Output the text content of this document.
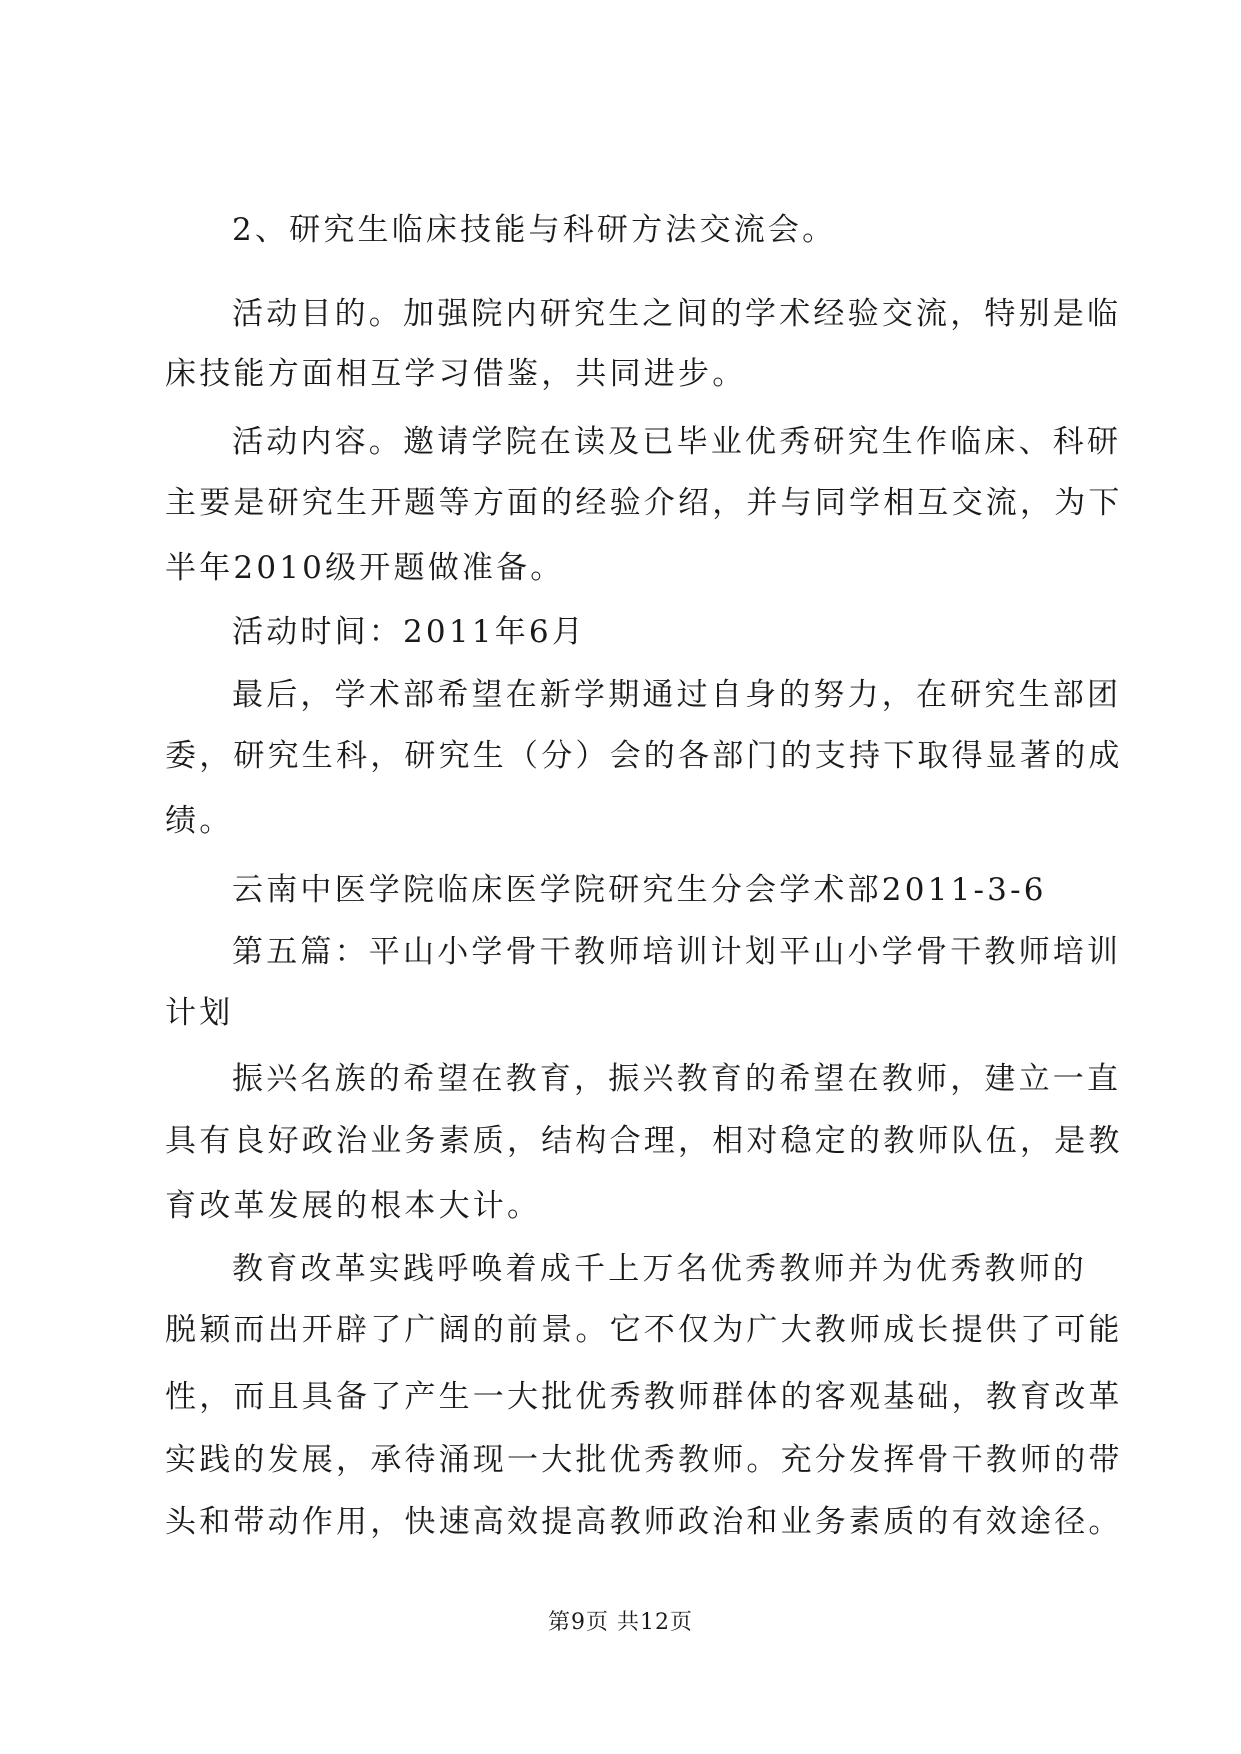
2、研究生临床技能与科研方法交流会。
活动目的。加强院内研究生之间的学术经验交流，特别是临
床技能方面相互学习借鉴，共同进步。
活动内容。邀请学院在读及已毕业优秀研究生作临床、科研
主要是研究生开题等方面的经验介绍，并与同学相互交流，为下
半年2010级开题做准备。
活动时间：2011年6月
最后，学术部希望在新学期通过自身的努力，在研究生部团
委，研究生科，研究生（分）会的各部门的支持下取得显著的成
绩。
云南中医学院临床医学院研究生分会学术部2011-3-6
第五篇：平山小学骨干教师培训计划平山小学骨干教师培训
计划
振兴名族的希望在教育，振兴教育的希望在教师，建立一直
具有良好政治业务素质，结构合理，相对稳定的教师队伍，是教
育改革发展的根本大计。
教育改革实践呼唤着成千上万名优秀教师并为优秀教师的
脱颖而出开辟了广阔的前景。它不仅为广大教师成长提供了可能
性，而且具备了产生一大批优秀教师群体的客观基础，教育改革
实践的发展，承待涌现一大批优秀教师。充分发挥骨干教师的带
头和带动作用，快速高效提高教师政治和业务素质的有效途径。
第9页 共12页
